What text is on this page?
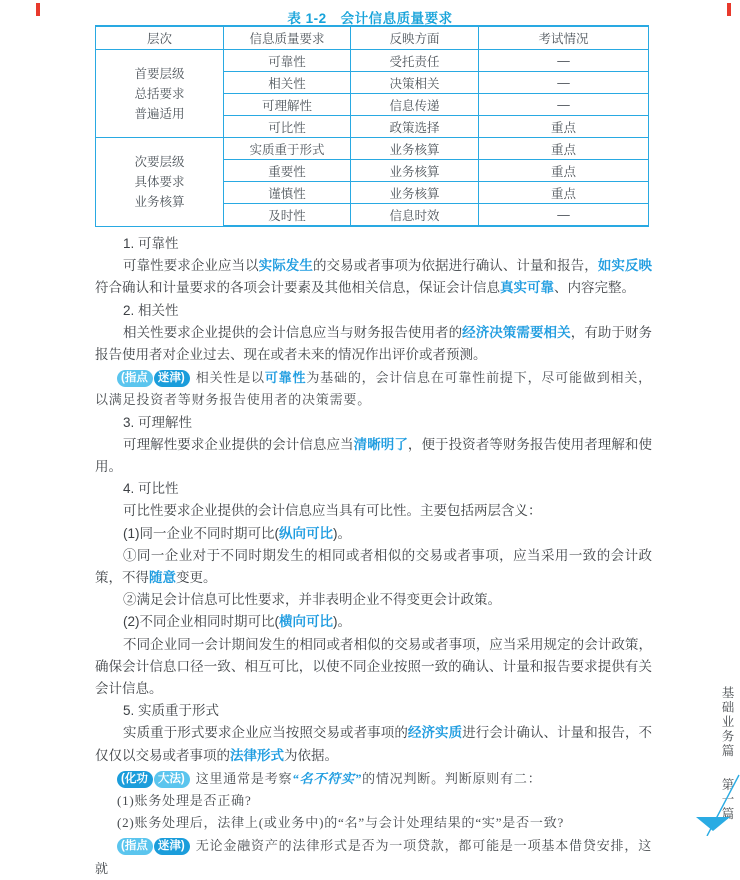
表 1-2　会计信息质量要求
层次	信息质量要求	反映方面	考试情况

首要层级
总括要求
普遍适用	可靠性	受托责任	—
	相关性	决策相关	—
	可理解性	信息传递	—
	可比性	政策选择	重点

次要层级
具体要求
业务核算	实质重于形式	业务核算	重点
	重要性	业务核算	重点
	谨慎性	业务核算	重点
	及时性	信息时效	—

1. 可靠性

可靠性要求企业应当以实际发生的交易或者事项为依据进行确认、计量和报告，如实反映符合确认和计量要求的各项会计要素及其他相关信息，保证会计信息真实可靠、内容完整。

2. 相关性

相关性要求企业提供的会计信息应当与财务报告使用者的经济决策需要相关，有助于财务报告使用者对企业过去、现在或者未来的情况作出评价或者预测。

(指点 迷津) 相关性是以可靠性为基础的，会计信息在可靠性前提下，尽可能做到相关，以满足投资者等财务报告使用者的决策需要。

3. 可理解性

可理解性要求企业提供的会计信息应当清晰明了，便于投资者等财务报告使用者理解和使用。

4. 可比性

可比性要求企业提供的会计信息应当具有可比性。主要包括两层含义：

(1)同一企业不同时期可比(纵向可比)。

①同一企业对于不同时期发生的相同或者相似的交易或者事项，应当采用一致的会计政策，不得随意变更。

②满足会计信息可比性要求，并非表明企业不得变更会计政策。

(2)不同企业相同时期可比(横向可比)。

不同企业同一会计期间发生的相同或者相似的交易或者事项，应当采用规定的会计政策，确保会计信息口径一致、相互可比，以使不同企业按照一致的确认、计量和报告要求提供有关会计信息。

5. 实质重于形式

实质重于形式要求企业应当按照交易或者事项的经济实质进行会计确认、计量和报告，不仅仅以交易或者事项的法律形式为依据。

(化功 大法) 这里通常是考察“名不符实”的情况判断。判断原则有二：

(1)账务处理是否正确?

(2)账务处理后，法律上(或业务中)的“名”与会计处理结果的“实”是否一致?

(指点 迷津) 无论金融资产的法律形式是否为一项贷款，都可能是一项基本借贷安排，这就

基础业务篇 第一篇
